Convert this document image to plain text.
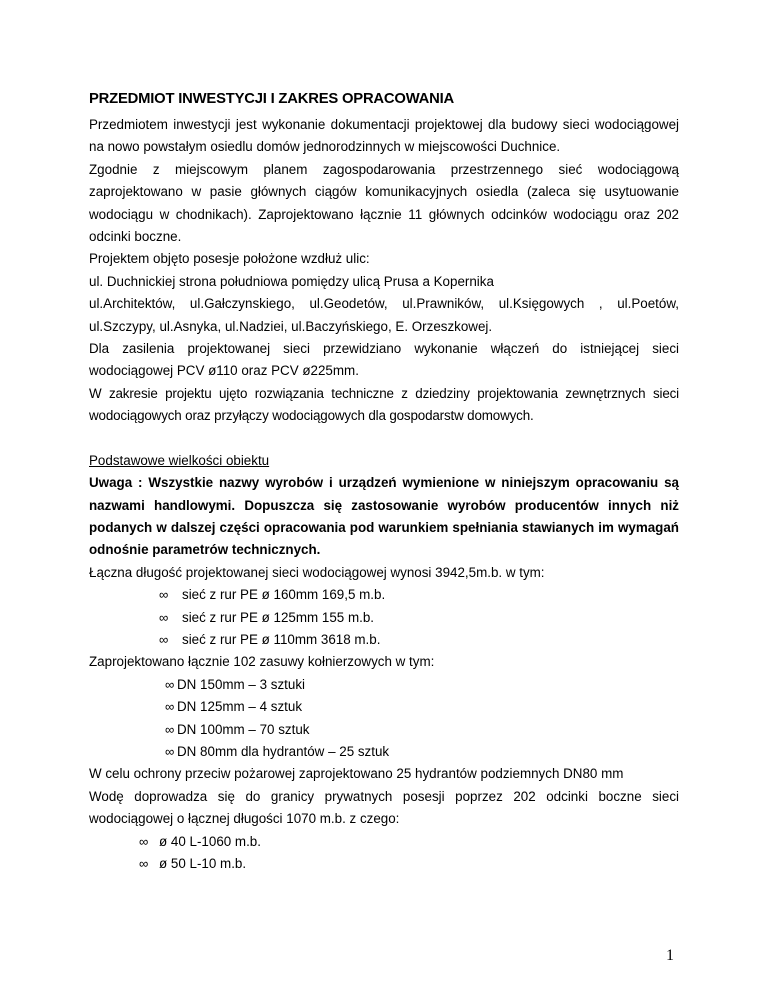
PRZEDMIOT INWESTYCJI I ZAKRES OPRACOWANIA

Przedmiotem inwestycji jest wykonanie dokumentacji projektowej dla budowy sieci wodociągowej na nowo powstałym osiedlu domów jednorodzinnych w miejscowości Duchnice.

Zgodnie z miejscowym planem zagospodarowania przestrzennego sieć wodociągową zaprojektowano w pasie głównych ciągów komunikacyjnych osiedla (zaleca się usytuowanie wodociągu w chodnikach). Zaprojektowano łącznie 11 głównych odcinków wodociągu oraz 202 odcinki boczne.

Projektem objęto posesje położone wzdłuż ulic:

ul. Duchnickiej strona południowa pomiędzy ulicą Prusa a Kopernika

ul.Architektów, ul.Gałczynskiego, ul.Geodetów, ul.Prawników, ul.Księgowych , ul.Poetów, ul.Szczypy, ul.Asnyka, ul.Nadziei, ul.Baczyńskiego, E. Orzeszkowej.

Dla zasilenia projektowanej sieci przewidziano wykonanie włączeń do istniejącej sieci wodociągowej PCV ø110 oraz PCV ø225mm.

W zakresie projektu ujęto rozwiązania techniczne z dziedziny projektowania zewnętrznych sieci wodociągowych oraz przyłączy wodociągowych dla gospodarstw domowych.

Podstawowe wielkości obiektu

Uwaga : Wszystkie nazwy wyrobów i urządzeń wymienione w niniejszym opracowaniu są nazwami handlowymi. Dopuszcza się zastosowanie wyrobów producentów innych niż podanych w dalszej części opracowania pod warunkiem spełniania stawianych im wymagań odnośnie parametrów technicznych.

Łączna długość projektowanej sieci wodociągowej wynosi 3942,5m.b. w tym:

∞	sieć z rur PE ø 160mm 169,5 m.b.
∞	sieć z rur PE ø 125mm 155 m.b.
∞	sieć z rur PE ø 110mm 3618 m.b.

Zaprojektowano łącznie 102 zasuwy kołnierzowych w tym:

∞ DN 150mm – 3 sztuki
∞ DN 125mm – 4 sztuk
∞ DN 100mm – 70 sztuk
∞ DN 80mm dla hydrantów – 25 sztuk

W celu ochrony przeciw pożarowej zaprojektowano 25 hydrantów podziemnych DN80 mm

Wodę doprowadza się do granicy prywatnych posesji poprzez 202 odcinki boczne sieci wodociągowej o łącznej długości 1070 m.b. z czego:

∞ ø 40 L-1060 m.b.
∞ ø 50 L-10 m.b.
1
